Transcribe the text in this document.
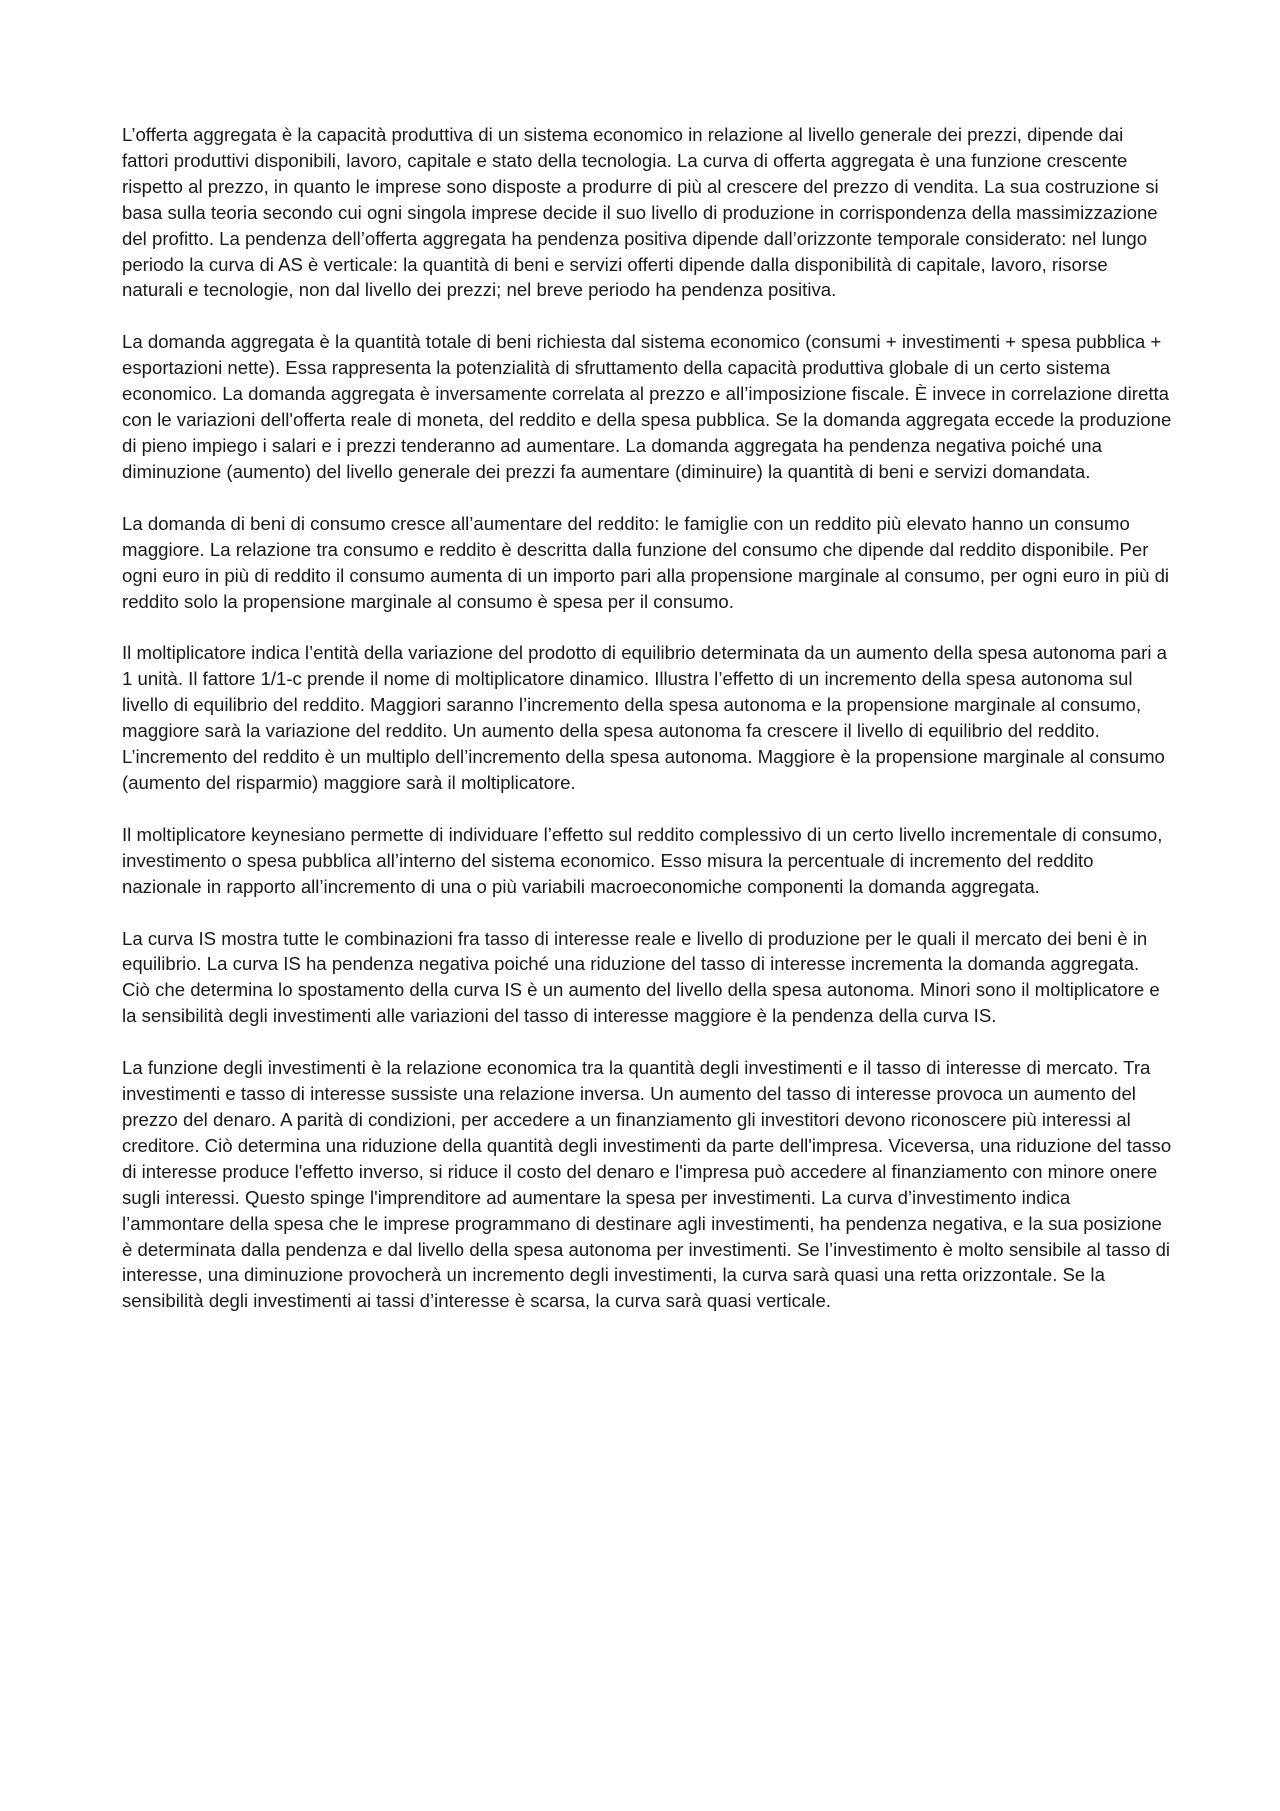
L’offerta aggregata è la capacità produttiva di un sistema economico in relazione al livello generale dei prezzi, dipende dai fattori produttivi disponibili, lavoro, capitale e stato della tecnologia. La curva di offerta aggregata è una funzione crescente rispetto al prezzo, in quanto le imprese sono disposte a produrre di più al crescere del prezzo di vendita. La sua costruzione si basa sulla teoria secondo cui ogni singola imprese decide il suo livello di produzione in corrispondenza della massimizzazione del profitto. La pendenza dell’offerta aggregata ha pendenza positiva dipende dall’orizzonte temporale considerato: nel lungo periodo la curva di AS è verticale: la quantità di beni e servizi offerti dipende dalla disponibilità di capitale, lavoro, risorse naturali e tecnologie, non dal livello dei prezzi; nel breve periodo ha pendenza positiva.

La domanda aggregata è la quantità totale di beni richiesta dal sistema economico (consumi + investimenti + spesa pubblica + esportazioni nette). Essa rappresenta la potenzialità di sfruttamento della capacità produttiva globale di un certo sistema economico. La domanda aggregata è inversamente correlata al prezzo e all’imposizione fiscale. È invece in correlazione diretta con le variazioni dell'offerta reale di moneta, del reddito e della spesa pubblica. Se la domanda aggregata eccede la produzione di pieno impiego i salari e i prezzi tenderanno ad aumentare. La domanda aggregata ha pendenza negativa poiché una diminuzione (aumento) del livello generale dei prezzi fa aumentare (diminuire) la quantità di beni e servizi domandata.

La domanda di beni di consumo cresce all’aumentare del reddito: le famiglie con un reddito più elevato hanno un consumo maggiore. La relazione tra consumo e reddito è descritta dalla funzione del consumo che dipende dal reddito disponibile. Per ogni euro in più di reddito il consumo aumenta di un importo pari alla propensione marginale al consumo, per ogni euro in più di reddito solo la propensione marginale al consumo è spesa per il consumo.

Il moltiplicatore indica l’entità della variazione del prodotto di equilibrio determinata da un aumento della spesa autonoma pari a 1 unità. Il fattore 1/1-c prende il nome di moltiplicatore dinamico. Illustra l’effetto di un incremento della spesa autonoma sul livello di equilibrio del reddito. Maggiori saranno l’incremento della spesa autonoma e la propensione marginale al consumo, maggiore sarà la variazione del reddito. Un aumento della spesa autonoma fa crescere il livello di equilibrio del reddito. L’incremento del reddito è un multiplo dell’incremento della spesa autonoma. Maggiore è la propensione marginale al consumo (aumento del risparmio) maggiore sarà il moltiplicatore.

Il moltiplicatore keynesiano permette di individuare l’effetto sul reddito complessivo di un certo livello incrementale di consumo, investimento o spesa pubblica all’interno del sistema economico. Esso misura la percentuale di incremento del reddito nazionale in rapporto all’incremento di una o più variabili macroeconomiche componenti la domanda aggregata.

La curva IS mostra tutte le combinazioni fra tasso di interesse reale e livello di produzione per le quali il mercato dei beni è in equilibrio. La curva IS ha pendenza negativa poiché una riduzione del tasso di interesse incrementa la domanda aggregata. Ciò che determina lo spostamento della curva IS è un aumento del livello della spesa autonoma. Minori sono il moltiplicatore e la sensibilità degli investimenti alle variazioni del tasso di interesse maggiore è la pendenza della curva IS.

La funzione degli investimenti è la relazione economica tra la quantità degli investimenti e il tasso di interesse di mercato. Tra investimenti e tasso di interesse sussiste una relazione inversa. Un aumento del tasso di interesse provoca un aumento del prezzo del denaro. A parità di condizioni, per accedere a un finanziamento gli investitori devono riconoscere più interessi al creditore. Ciò determina una riduzione della quantità degli investimenti da parte dell'impresa. Viceversa, una riduzione del tasso di interesse produce l'effetto inverso, si riduce il costo del denaro e l'impresa può accedere al finanziamento con minore onere sugli interessi. Questo spinge l'imprenditore ad aumentare la spesa per investimenti. La curva d’investimento indica l’ammontare della spesa che le imprese programmano di destinare agli investimenti, ha pendenza negativa, e la sua posizione è determinata dalla pendenza e dal livello della spesa autonoma per investimenti. Se l’investimento è molto sensibile al tasso di interesse, una diminuzione provocherà un incremento degli investimenti, la curva sarà quasi una retta orizzontale. Se la sensibilità degli investimenti ai tassi d’interesse è scarsa, la curva sarà quasi verticale.
